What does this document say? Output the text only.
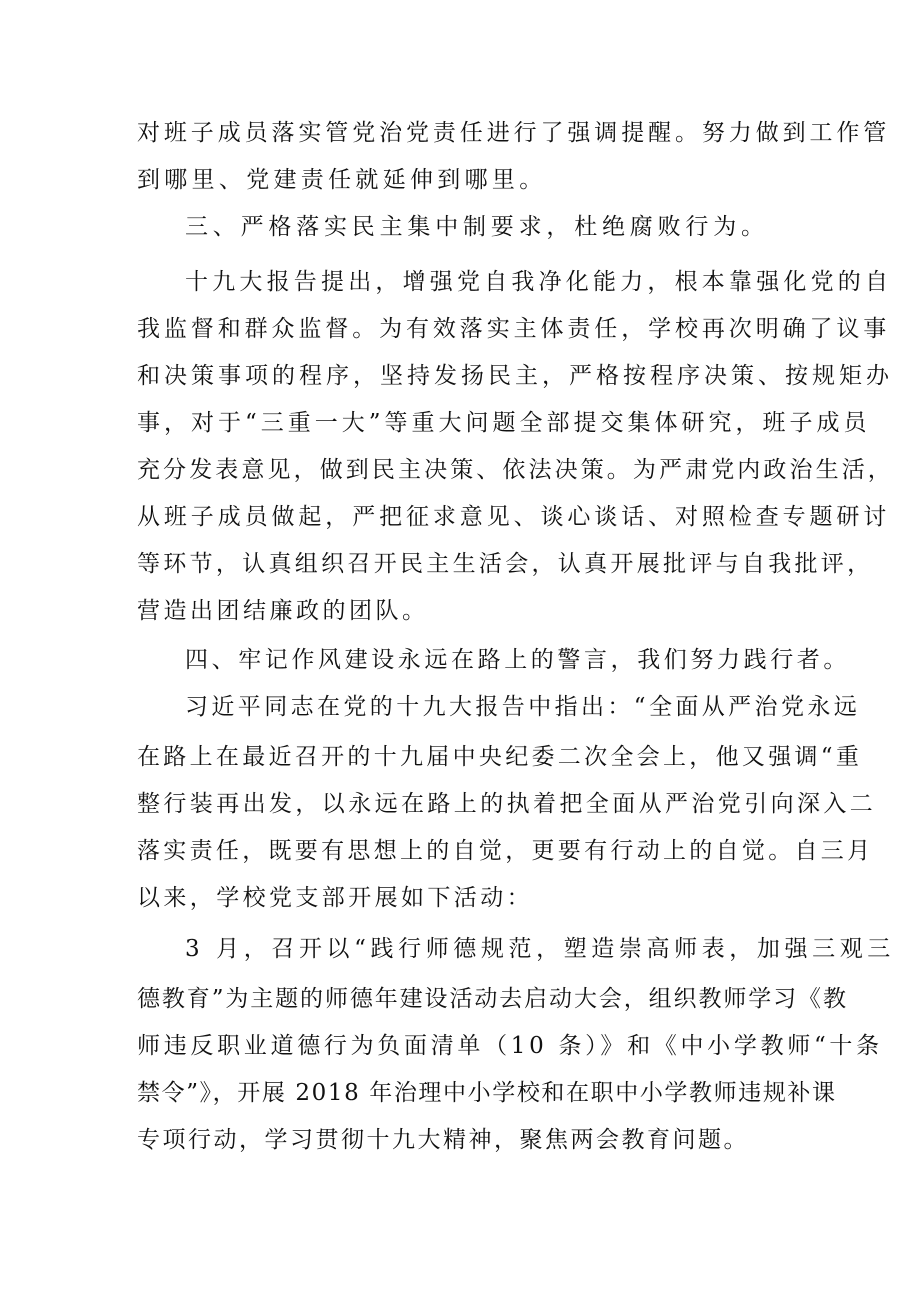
对班子成员落实管党治党责任进行了强调提醒。努力做到工作管
到哪里、党建责任就延伸到哪里。
三、严格落实民主集中制要求，杜绝腐败行为。
十九大报告提出，增强党自我净化能力，根本靠强化党的自
我监督和群众监督。为有效落实主体责任，学校再次明确了议事
和决策事项的程序，坚持发扬民主，严格按程序决策、按规矩办
事，对于“三重一大”等重大问题全部提交集体研究，班子成员
充分发表意见，做到民主决策、依法决策。为严肃党内政治生活，
从班子成员做起，严把征求意见、谈心谈话、对照检查专题研讨
等环节，认真组织召开民主生活会，认真开展批评与自我批评，
营造出团结廉政的团队。
四、牢记作风建设永远在路上的警言，我们努力践行者。
习近平同志在党的十九大报告中指出：“全面从严治党永远
在路上在最近召开的十九届中央纪委二次全会上，他又强调“重
整行装再出发，以永远在路上的执着把全面从严治党引向深入二
落实责任，既要有思想上的自觉，更要有行动上的自觉。自三月
以来，学校党支部开展如下活动：
3 月，召开以“践行师德规范，塑造崇高师表，加强三观三
德教育”为主题的师德年建设活动去启动大会，组织教师学习《教
师违反职业道德行为负面清单（10 条）》和《中小学教师“十条
禁令”》，开展 2018 年治理中小学校和在职中小学教师违规补课
专项行动，学习贯彻十九大精神，聚焦两会教育问题。
